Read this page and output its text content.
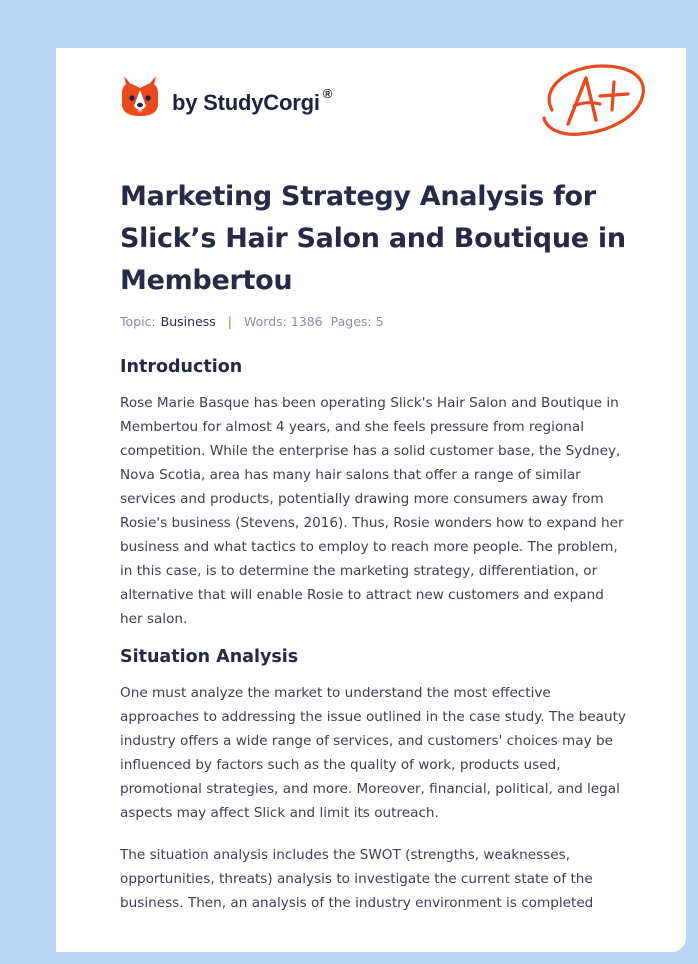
by StudyCorgi ®
A+
Marketing Strategy Analysis for Slick’s Hair Salon and Boutique in Membertou
Topic: Business | Words: 1386 Pages: 5
Introduction

Rose Marie Basque has been operating Slick's Hair Salon and Boutique in Membertou for almost 4 years, and she feels pressure from regional competition. While the enterprise has a solid customer base, the Sydney, Nova Scotia, area has many hair salons that offer a range of similar services and products, potentially drawing more consumers away from Rosie's business (Stevens, 2016). Thus, Rosie wonders how to expand her business and what tactics to employ to reach more people. The problem, in this case, is to determine the marketing strategy, differentiation, or alternative that will enable Rosie to attract new customers and expand her salon.

Situation Analysis

One must analyze the market to understand the most effective approaches to addressing the issue outlined in the case study. The beauty industry offers a wide range of services, and customers' choices may be influenced by factors such as the quality of work, products used, promotional strategies, and more. Moreover, financial, political, and legal aspects may affect Slick and limit its outreach.

The situation analysis includes the SWOT (strengths, weaknesses, opportunities, threats) analysis to investigate the current state of the business. Then, an analysis of the industry environment is completed
